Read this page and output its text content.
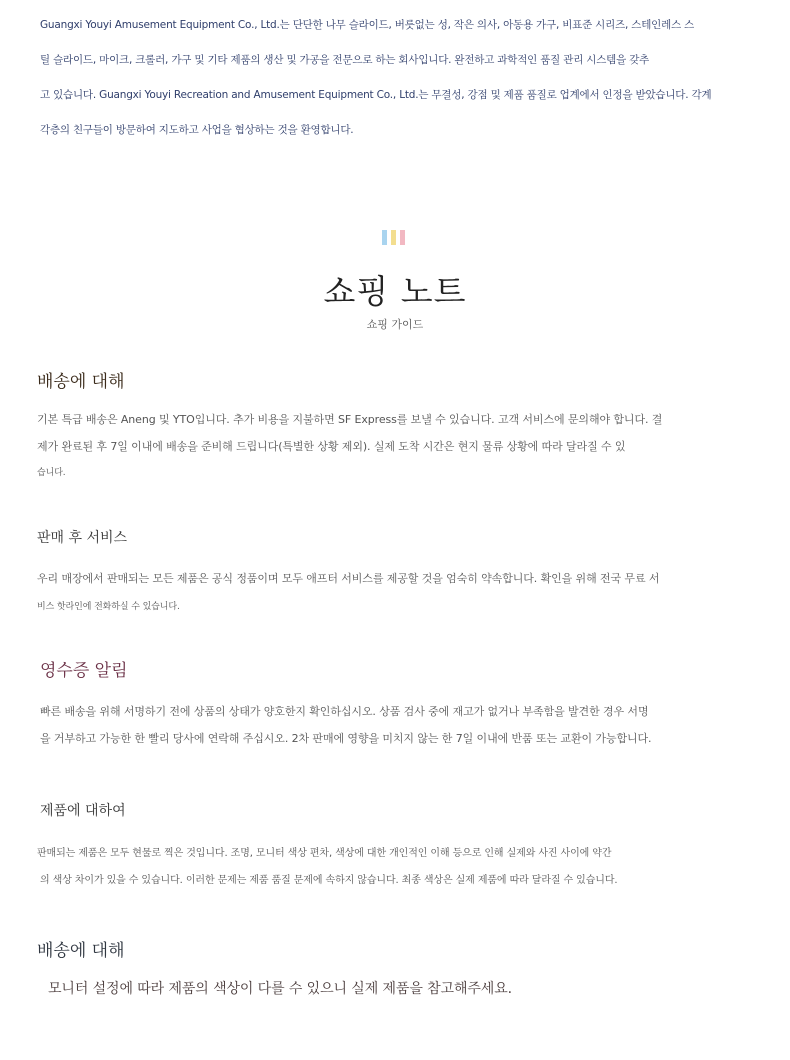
Guangxi Youyi Amusement Equipment Co., Ltd.는 단단한 나무 슬라이드, 버릇없는 성, 작은 의사, 아동용 가구, 비표준 시리즈, 스테인레스 스

틸 슬라이드, 마이크, 크롤러, 가구 및 기타 제품의 생산 및 가공을 전문으로 하는 회사입니다. 완전하고 과학적인 품질 관리 시스템을 갖추

고 있습니다. Guangxi Youyi Recreation and Amusement Equipment Co., Ltd.는 무결성, 강점 및 제품 품질로 업계에서 인정을 받았습니다. 각계

각층의 친구들이 방문하여 지도하고 사업을 협상하는 것을 환영합니다.

쇼핑 노트
쇼핑 가이드
배송에 대해

기본 특급 배송은 Aneng 및 YTO입니다. 추가 비용을 지불하면 SF Express를 보낼 수 있습니다. 고객 서비스에 문의해야 합니다. 결

제가 완료된 후 7일 이내에 배송을 준비해 드립니다(특별한 상황 제외). 실제 도착 시간은 현지 물류 상황에 따라 달라질 수 있

습니다.

판매 후 서비스

우리 매장에서 판매되는 모든 제품은 공식 정품이며 모두 애프터 서비스를 제공할 것을 엄숙히 약속합니다. 확인을 위해 전국 무료 서

비스 핫라인에 전화하실 수 있습니다.

영수증 알림

빠른 배송을 위해 서명하기 전에 상품의 상태가 양호한지 확인하십시오. 상품 검사 중에 재고가 없거나 부족함을 발견한 경우 서명

을 거부하고 가능한 한 빨리 당사에 연락해 주십시오. 2차 판매에 영향을 미치지 않는 한 7일 이내에 반품 또는 교환이 가능합니다.

제품에 대하여

판매되는 제품은 모두 현물로 찍은 것입니다. 조명, 모니터 색상 편차, 색상에 대한 개인적인 이해 등으로 인해 실제와 사진 사이에 약간

의 색상 차이가 있을 수 있습니다. 이러한 문제는 제품 품질 문제에 속하지 않습니다. 최종 색상은 실제 제품에 따라 달라질 수 있습니다.

배송에 대해

모니터 설정에 따라 제품의 색상이 다를 수 있으니 실제 제품을 참고해주세요.
